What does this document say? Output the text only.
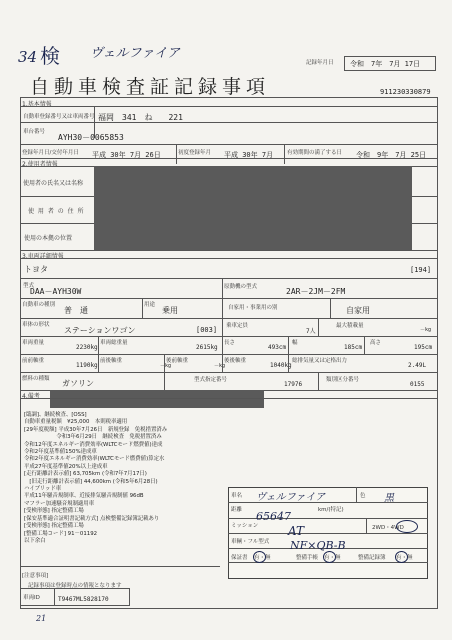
34 検 ヴェルファイア
記録年月日 令和　7年　7月 17日
自動車検査証記録事項	911230330879
1.基本情報
自動車登録番号又は車両番号 福岡　341　ね　　221
車台番号
AYH30－0065853
登録年月日/交付年月日 平成 30年 7月 26日	初度登録年月 平成 30年 7月	有効期間の満了する日 令和　9年　7月 25日
2.使用者情報
使用者の氏名又は名称
使 用 者 の 住 所
使用の本拠の位置
3.車両詳細情報
トヨタ	[194]
型式
DAA－AYH30W	原動機の型式	2AR－2JM－2FM
自動車の種別
普　通
用途
乗用	自家用・事業用の別	自家用
車体の形状
ステーションワゴン	[003] 乗車定員
7人
最大積載量
－kg
車両重量
2230kg
車両総重量
2615kg
長さ
493cm
幅
185cm
高さ
195cm
前前軸重
1190kg
前後軸重
－kg
後前軸重
－kg
後後軸重
1040kg
総排気量又は定格出力
2.49L
燃料の種類 ガソリン	型式指定番号
17976
類別区分番号
0155
4.備考
[臨調]、継続検査、[OSS]
自動車重量税額　¥25,000　本則税率適用
[29年度税額] 平成30年7月26日　新規登録　免税措置済み
　　　　　　令和3年6月29日　継続検査　免税措置済み
令和12年度エネルギー消費効率(WLTCモード燃費値)達成
令和2年度基準値150%達成車
令和2年度エネルギー消費効率(WLTCモード燃費値)算定水
平成27年度基準値20%以上達成車
[走行距離計表示値] 63,705km (令和7年7月17日)
　[旧走行距離計表示値] 44,600km (令和5年6月28日)
ハイブリッド車
平成11年騒音規制車、近接排気騒音規制値 96dB
マフラー加速騒音規制適用車
[受検形態] 指定整備工場
[保安基準適合証明書記載方式] 点検整備記録簿記載あり
[受検形態] 指定整備工場
[整備工場コード] 91－01192
以下余白
車名 ヴェルファイア	色 黒
距離	km/(特記)
65647
ミッション AT	2WD・4WD
車輌・フル型式 NF×QB-B
保証書 有・無	整備手帳 有・無	整備記録簿 有・無
[注意事項]
記録事項は登録時点の情報となります
車両ID	T9467ML5828170
21
